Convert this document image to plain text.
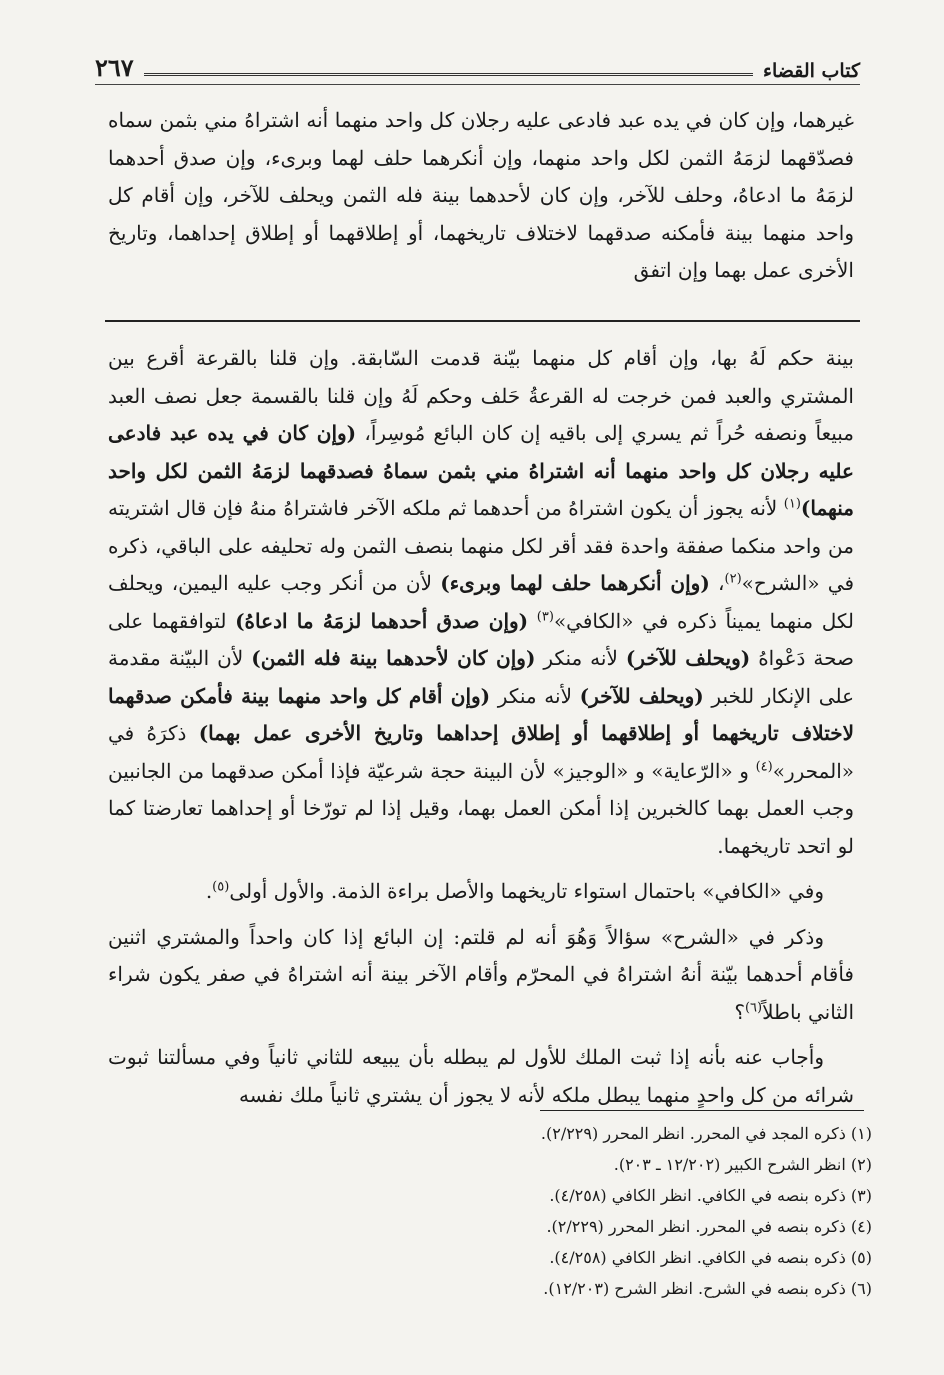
كتاب القضاء
٢٦٧

غيرهما، وإن كان في يده عبد فادعى عليه رجلان كل واحد منهما أنه اشتراهُ مني بثمن سماه فصدّقهما لزمَهُ الثمن لكل واحد منهما، وإن أنكرهما حلف لهما وبرىء، وإن صدق أحدهما لزمَهُ ما ادعاهُ، وحلف للآخر، وإن كان لأحدهما بينة فله الثمن ويحلف للآخر، وإن أقام كل واحد منهما بينة فأمكنه صدقهما لاختلاف تاريخهما، أو إطلاقهما أو إطلاق إحداهما، وتاريخ الأخرى عمل بهما وإن اتفق

بينة حكم لَهُ بها، وإن أقام كل منهما بيّنة قدمت السّابقة. وإن قلنا بالقرعة أقرع بين المشتري والعبد فمن خرجت له القرعةُ حَلف وحكم لَهُ وإن قلنا بالقسمة جعل نصف العبد مبيعاً ونصفه حُراً ثم يسري إلى باقيه إن كان البائع مُوسِراً، (وإن كان في يده عبد فادعى عليه رجلان كل واحد منهما أنه اشتراهُ مني بثمن سماهُ فصدقهما لزمَهُ الثمن لكل واحد منهما)$^{(١)}$ لأنه يجوز أن يكون اشتراهُ من أحدهما ثم ملكه الآخر فاشتراهُ منهُ فإن قال اشتريته من واحد منكما صفقة واحدة فقد أقر لكل منهما بنصف الثمن وله تحليفه على الباقي، ذكره في «الشرح»$^{(٢)}$، (وإن أنكرهما حلف لهما وبرىء) لأن من أنكر وجب عليه اليمين، ويحلف لكل منهما يميناً ذكره في «الكافي»$^{(٣)}$ (وإن صدق أحدهما لزمَهُ ما ادعاهُ) لتوافقهما على صحة دَعْواهُ (ويحلف للآخر) لأنه منكر (وإن كان لأحدهما بينة فله الثمن) لأن البيّنة مقدمة على الإنكار للخبر (ويحلف للآخر) لأنه منكر (وإن أقام كل واحد منهما بينة فأمكن صدقهما لاختلاف تاريخهما أو إطلاقهما أو إطلاق إحداهما وتاريخ الأخرى عمل بهما) ذكرَهُ في «المحرر»$^{(٤)}$ و «الرّعاية» و «الوجيز» لأن البينة حجة شرعيّة فإذا أمكن صدقهما من الجانبين وجب العمل بهما كالخبرين إذا أمكن العمل بهما، وقيل إذا لم تورّخا أو إحداهما تعارضتا كما لو اتحد تاريخهما.

وفي «الكافي» باحتمال استواء تاريخهما والأصل براءة الذمة. والأول أولى$^{(٥)}$.

وذكر في «الشرح» سؤالاً وَهُوَ أنه لم قلتم: إن البائع إذا كان واحداً والمشتري اثنين فأقام أحدهما بيّنة أنهُ اشتراهُ في المحرّم وأقام الآخر بينة أنه اشتراهُ في صفر يكون شراء الثاني باطلاً$^{(٦)}$؟

وأجاب عنه بأنه إذا ثبت الملك للأول لم يبطله بأن يبيعه للثاني ثانياً وفي مسألتنا ثبوت شرائه من كل واحدٍ منهما يبطل ملكه لأنه لا يجوز أن يشتري ثانياً ملك نفسه

(١) ذكره المجد في المحرر. انظر المحرر (٢/٢٢٩).
(٢) انظر الشرح الكبير (١٢/٢٠٢ ـ ٢٠٣).
(٣) ذكره بنصه في الكافي. انظر الكافي (٤/٢٥٨).
(٤) ذكره بنصه في المحرر. انظر المحرر (٢/٢٢٩).
(٥) ذكره بنصه في الكافي. انظر الكافي (٤/٢٥٨).
(٦) ذكره بنصه في الشرح. انظر الشرح (١٢/٢٠٣).
